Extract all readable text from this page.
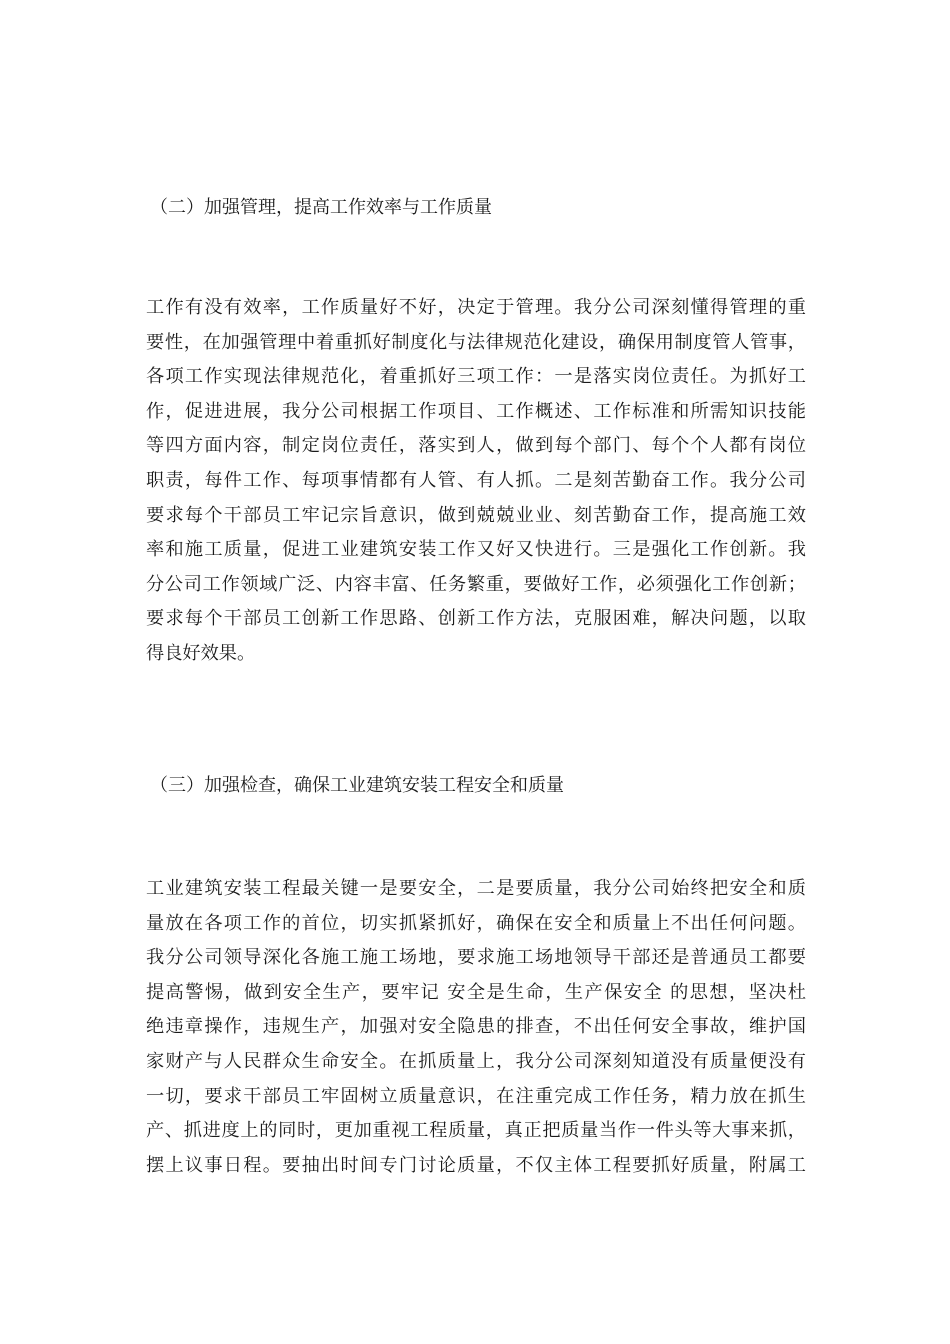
（二）加强管理，提高工作效率与工作质量
工作有没有效率，工作质量好不好，决定于管理。我分公司深刻懂得管理的重
要性，在加强管理中着重抓好制度化与法律规范化建设，确保用制度管人管事，
各项工作实现法律规范化，着重抓好三项工作：一是落实岗位责任。为抓好工
作，促进进展，我分公司根据工作项目、工作概述、工作标准和所需知识技能
等四方面内容，制定岗位责任，落实到人，做到每个部门、每个个人都有岗位
职责，每件工作、每项事情都有人管、有人抓。二是刻苦勤奋工作。我分公司
要求每个干部员工牢记宗旨意识，做到兢兢业业、刻苦勤奋工作，提高施工效
率和施工质量，促进工业建筑安装工作又好又快进行。三是强化工作创新。我
分公司工作领域广泛、内容丰富、任务繁重，要做好工作，必须强化工作创新；
要求每个干部员工创新工作思路、创新工作方法，克服困难，解决问题，以取
得良好效果。
（三）加强检查，确保工业建筑安装工程安全和质量
工业建筑安装工程最关键一是要安全，二是要质量，我分公司始终把安全和质
量放在各项工作的首位，切实抓紧抓好，确保在安全和质量上不出任何问题。
我分公司领导深化各施工施工场地，要求施工场地领导干部还是普通员工都要
提高警惕，做到安全生产，要牢记 安全是生命，生产保安全 的思想，坚决杜
绝违章操作，违规生产，加强对安全隐患的排查，不出任何安全事故，维护国
家财产与人民群众生命安全。在抓质量上，我分公司深刻知道没有质量便没有
一切，要求干部员工牢固树立质量意识，在注重完成工作任务，精力放在抓生
产、抓进度上的同时，更加重视工程质量，真正把质量当作一件头等大事来抓，
摆上议事日程。要抽出时间专门讨论质量，不仅主体工程要抓好质量，附属工
